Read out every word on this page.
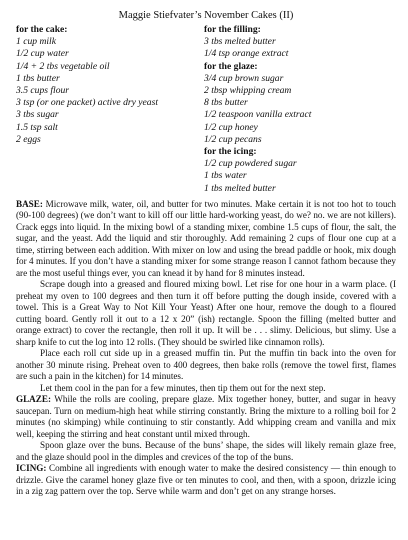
Maggie Stiefvater’s November Cakes (II)
for the cake:
1 cup milk
1/2 cup water
1/4 + 2 tbs vegetable oil
1 tbs butter
3.5 cups flour
3 tsp (or one packet) active dry yeast
3 tbs sugar
1.5 tsp salt
2 eggs
for the filling:
3 tbs melted butter
1/4 tsp orange extract
for the glaze:
3/4 cup brown sugar
2 tbsp whipping cream
8 tbs butter
1/2 teaspoon vanilla extract
1/2 cup honey
1/2 cup pecans
for the icing:
1/2 cup powdered sugar
1 tbs water
1 tbs melted butter

BASE: Microwave milk, water, oil, and butter for two minutes. Make certain it is not too hot to touch (90-100 degrees) (we don’t want to kill off our little hard-working yeast, do we? no. we are not killers). Crack eggs into liquid. In the mixing bowl of a standing mixer, combine 1.5 cups of flour, the salt, the sugar, and the yeast. Add the liquid and stir thoroughly. Add remaining 2 cups of flour one cup at a time, stirring between each addition. With mixer on low and using the bread paddle or hook, mix dough for 4 minutes. If you don’t have a standing mixer for some strange reason I cannot fathom because they are the most useful things ever, you can knead it by hand for 8 minutes instead.

Scrape dough into a greased and floured mixing bowl. Let rise for one hour in a warm place. (I preheat my oven to 100 degrees and then turn it off before putting the dough inside, covered with a towel. This is a Great Way to Not Kill Your Yeast) After one hour, remove the dough to a floured cutting board. Gently roll it out to a 12 x 20” (ish) rectangle. Spoon the filling (melted butter and orange extract) to cover the rectangle, then roll it up. It will be . . . slimy. Delicious, but slimy. Use a sharp knife to cut the log into 12 rolls. (They should be swirled like cinnamon rolls).

Place each roll cut side up in a greased muffin tin. Put the muffin tin back into the oven for another 30 minute rising. Preheat oven to 400 degrees, then bake rolls (remove the towel first, flames are such a pain in the kitchen) for 14 minutes.

Let them cool in the pan for a few minutes, then tip them out for the next step.

GLAZE: While the rolls are cooling, prepare glaze. Mix together honey, butter, and sugar in heavy saucepan. Turn on medium-high heat while stirring constantly. Bring the mixture to a rolling boil for 2 minutes (no skimping) while continuing to stir constantly. Add whipping cream and vanilla and mix well, keeping the stirring and heat constant until mixed through.

Spoon glaze over the buns. Because of the buns’ shape, the sides will likely remain glaze free, and the glaze should pool in the dimples and crevices of the top of the buns.

ICING: Combine all ingredients with enough water to make the desired consistency — thin enough to drizzle. Give the caramel honey glaze five or ten minutes to cool, and then, with a spoon, drizzle icing in a zig zag pattern over the top. Serve while warm and don’t get on any strange horses.
